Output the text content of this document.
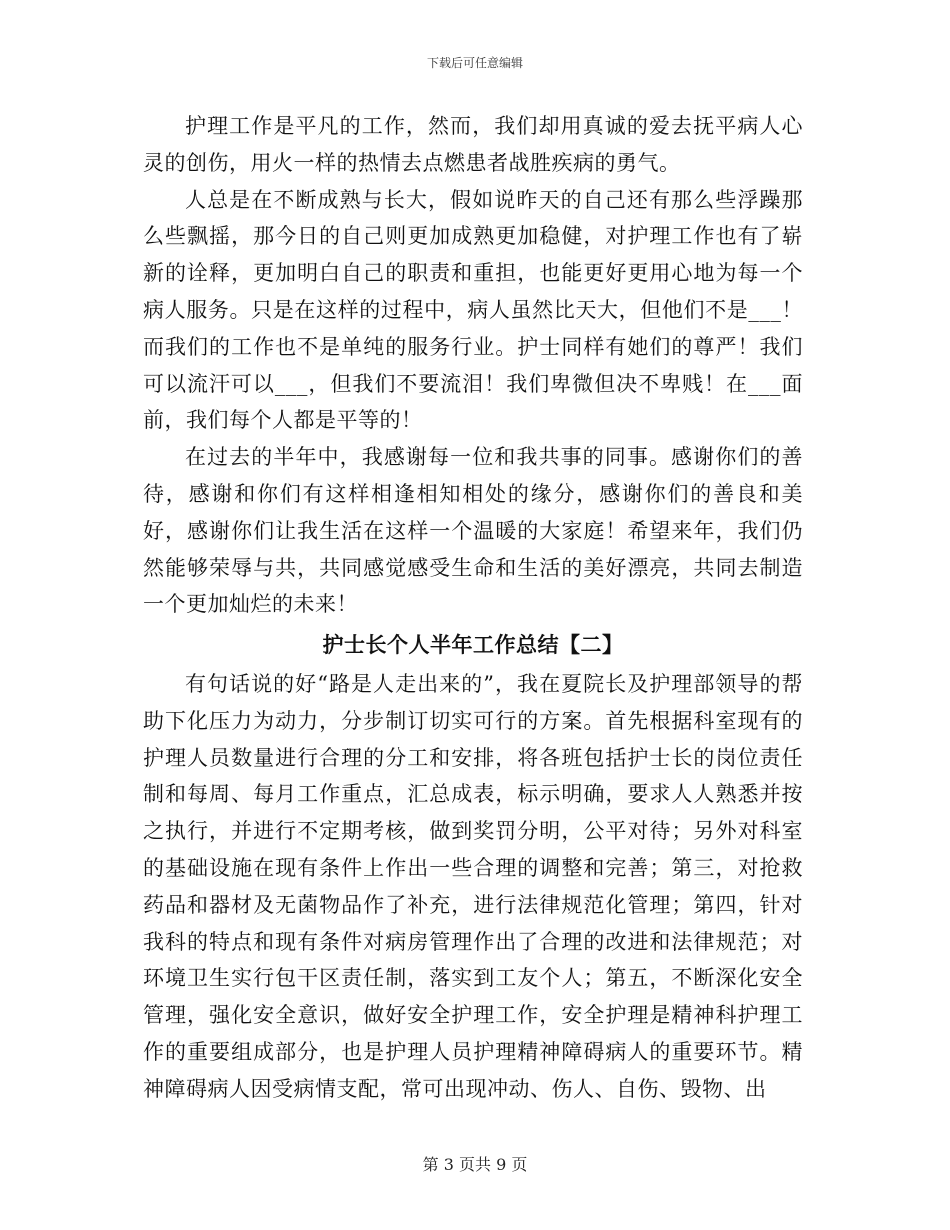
下载后可任意编辑

护理工作是平凡的工作，然而，我们却用真诚的爱去抚平病人心灵的创伤，用火一样的热情去点燃患者战胜疾病的勇气。

人总是在不断成熟与长大，假如说昨天的自己还有那么些浮躁那么些飘摇，那今日的自己则更加成熟更加稳健，对护理工作也有了崭新的诠释，更加明白自己的职责和重担，也能更好更用心地为每一个病人服务。只是在这样的过程中，病人虽然比天大，但他们不是___！而我们的工作也不是单纯的服务行业。护士同样有她们的尊严！我们可以流汗可以___，但我们不要流泪！我们卑微但决不卑贱！在___面前，我们每个人都是平等的！

在过去的半年中，我感谢每一位和我共事的同事。感谢你们的善待，感谢和你们有这样相逢相知相处的缘分，感谢你们的善良和美好，感谢你们让我生活在这样一个温暖的大家庭！希望来年，我们仍然能够荣辱与共，共同感觉感受生命和生活的美好漂亮，共同去制造一个更加灿烂的未来！

护士长个人半年工作总结【二】

有句话说的好“路是人走出来的”，我在夏院长及护理部领导的帮助下化压力为动力，分步制订切实可行的方案。首先根据科室现有的护理人员数量进行合理的分工和安排，将各班包括护士长的岗位责任制和每周、每月工作重点，汇总成表，标示明确，要求人人熟悉并按之执行，并进行不定期考核，做到奖罚分明，公平对待；另外对科室的基础设施在现有条件上作出一些合理的调整和完善；第三，对抢救药品和器材及无菌物品作了补充，进行法律规范化管理；第四，针对我科的特点和现有条件对病房管理作出了合理的改进和法律规范；对环境卫生实行包干区责任制，落实到工友个人；第五，不断深化安全管理，强化安全意识，做好安全护理工作，安全护理是精神科护理工作的重要组成部分，也是护理人员护理精神障碍病人的重要环节。精神障碍病人因受病情支配，常可出现冲动、伤人、自伤、毁物、出

第 3 页共 9 页
